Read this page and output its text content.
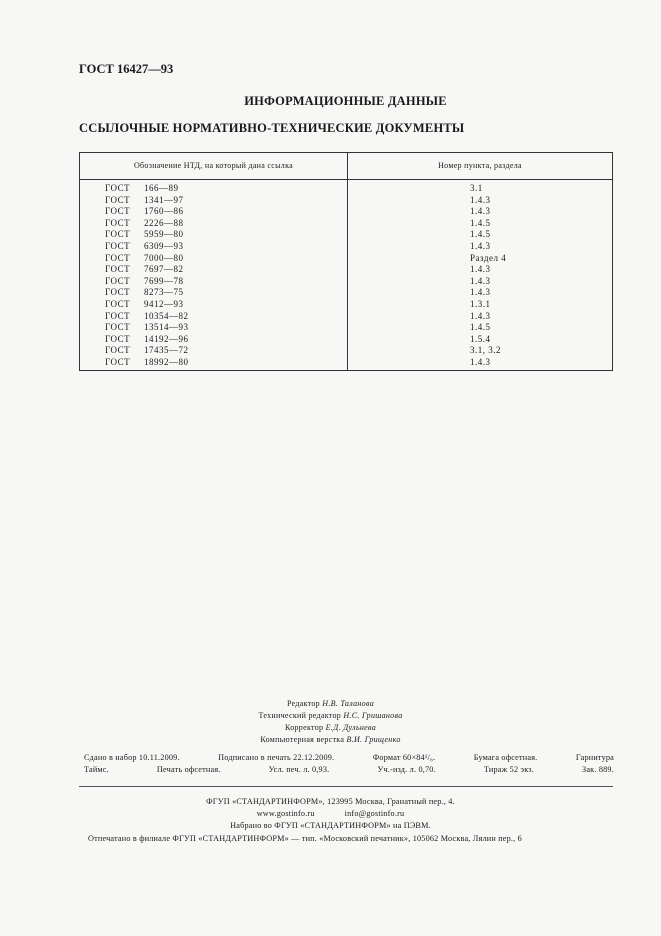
ГОСТ 16427—93
ИНФОРМАЦИОННЫЕ ДАННЫЕ
ССЫЛОЧНЫЕ НОРМАТИВНО-ТЕХНИЧЕСКИЕ ДОКУМЕНТЫ
Обозначение НТД, на который дана ссылка	Номер пункта, раздела
ГОСТ 166—89	3.1
ГОСТ 1341—97	1.4.3
ГОСТ 1760—86	1.4.3
ГОСТ 2226—88	1.4.5
ГОСТ 5959—80	1.4.5
ГОСТ 6309—93	1.4.3
ГОСТ 7000—80	Раздел 4
ГОСТ 7697—82	1.4.3
ГОСТ 7699—78	1.4.3
ГОСТ 8273—75	1.4.3
ГОСТ 9412—93	1.3.1
ГОСТ 10354—82	1.4.3
ГОСТ 13514—93	1.4.5
ГОСТ 14192—96	1.5.4
ГОСТ 17435—72	3.1, 3.2
ГОСТ 18992—80	1.4.3
Редактор Н.В. Таланова
Технический редактор Н.С. Гришанова
Корректор Е.Д. Дульнева
Компьютерная верстка В.И. Грищенко
Сдано в набор 10.11.2009.	Подписано в печать 22.12.2009.	Формат 60×84¹/₈.	Бумага офсетная.	Гарнитура
Таймс.	Печать офсетная.	Усл. печ. л. 0,93.	Уч.-изд. л. 0,70.	Тираж 52 экз.	Зак. 889.
ФГУП «СТАНДАРТИНФОРМ», 123995 Москва, Гранатный пер., 4.
www.gostinfo.ru	info@gostinfo.ru
Набрано во ФГУП «СТАНДАРТИНФОРМ» на ПЭВМ.
Отпечатано в филиале ФГУП «СТАНДАРТИНФОРМ» — тип. «Московский печатник», 105062 Москва, Лялин пер., 6
